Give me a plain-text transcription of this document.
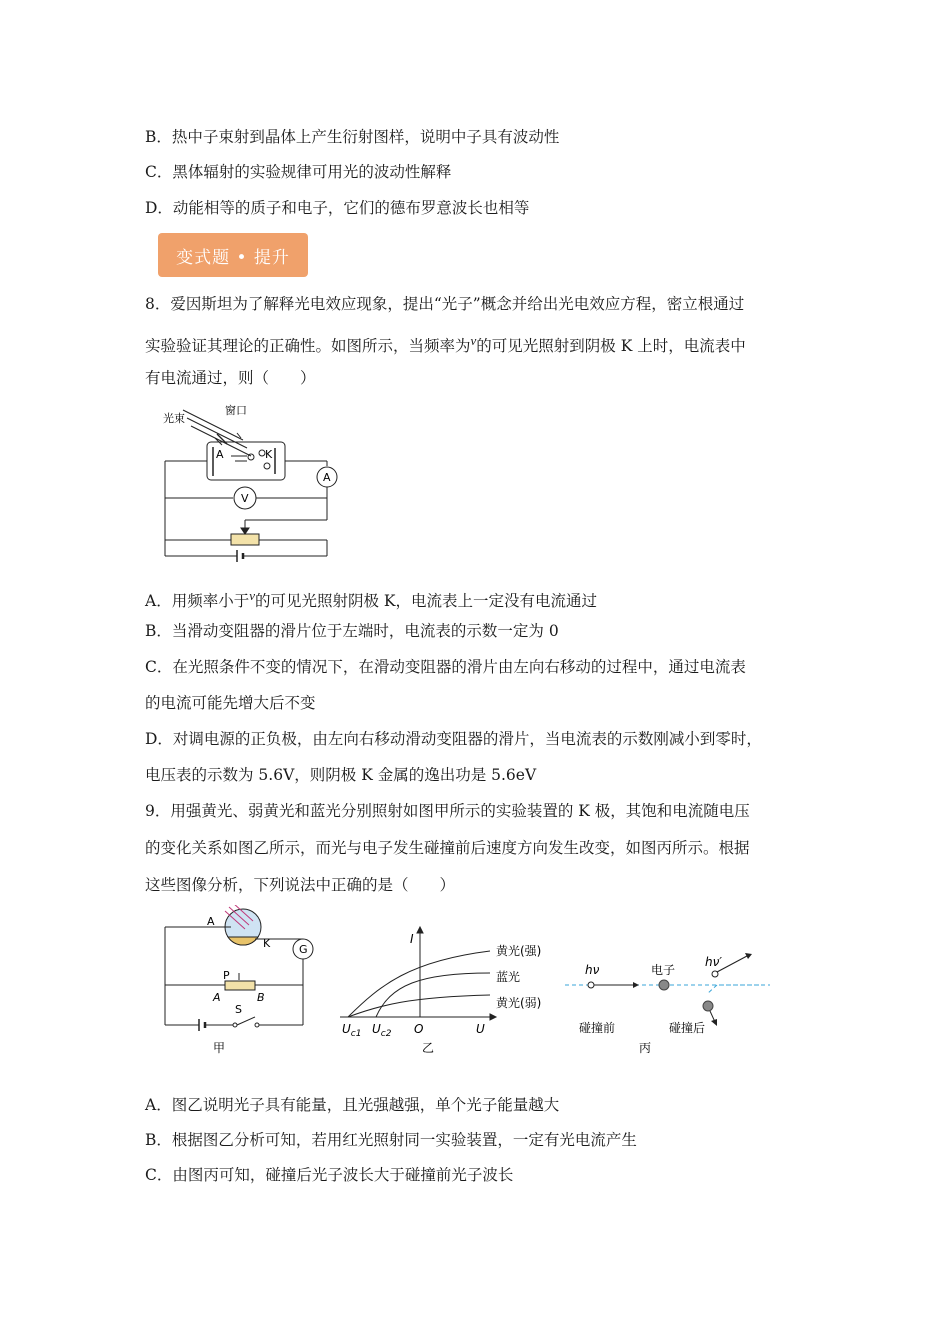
B．热中子束射到晶体上产生衍射图样，说明中子具有波动性
C．黑体辐射的实验规律可用光的波动性解释
D．动能相等的质子和电子，它们的德布罗意波长也相等
变式题 • 提升
8．爱因斯坦为了解释光电效应现象，提出“光子”概念并给出光电效应方程，密立根通过
实验验证其理论的正确性。如图所示，当频率为$^\nu$的可见光照射到阴极 K 上时，电流表中
有电流通过，则（　　）
光束
窗口
A	K
A
V
A．用频率小于$^\nu$的可见光照射阴极 K，电流表上一定没有电流通过
B．当滑动变阻器的滑片位于左端时，电流表的示数一定为 0
C．在光照条件不变的情况下，在滑动变阻器的滑片由左向右移动的过程中，通过电流表
的电流可能先增大后不变
D．对调电源的正负极，由左向右移动滑动变阻器的滑片，当电流表的示数刚减小到零时，
电压表的示数为 5.6V，则阴极 K 金属的逸出功是 5.6eV
9．用强黄光、弱黄光和蓝光分别照射如图甲所示的实验装置的 K 极，其饱和电流随电压
的变化关系如图乙所示，而光与电子发生碰撞前后速度方向发生改变，如图丙所示。根据
这些图像分析，下列说法中正确的是（　　）
A
K	G
P
A	B
S
甲
I
U
O
$U_{c1}$ $U_{c2}$
黄光(强)
蓝光
黄光(弱)
乙
hν	电子
hν′
碰撞前	碰撞后
丙
A．图乙说明光子具有能量，且光强越强，单个光子能量越大
B．根据图乙分析可知，若用红光照射同一实验装置，一定有光电流产生
C．由图丙可知，碰撞后光子波长大于碰撞前光子波长
